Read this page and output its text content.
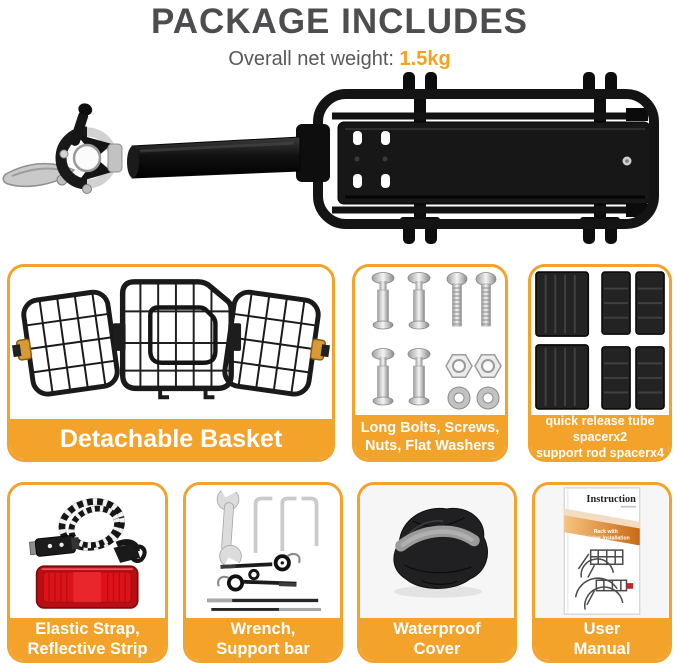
PACKAGE INCLUDES

Overall net weight: 1.5kg

Detachable Basket	Long Bolts, Screws,
Nuts, Flat Washers
quick release tube spacerx2
support rod spacerx4
Elastic Strap,
Reflective Strip
Wrench,
Support bar
Waterproof
Cover
Instruction
Rack with
Quicker Installation
User
Manual
